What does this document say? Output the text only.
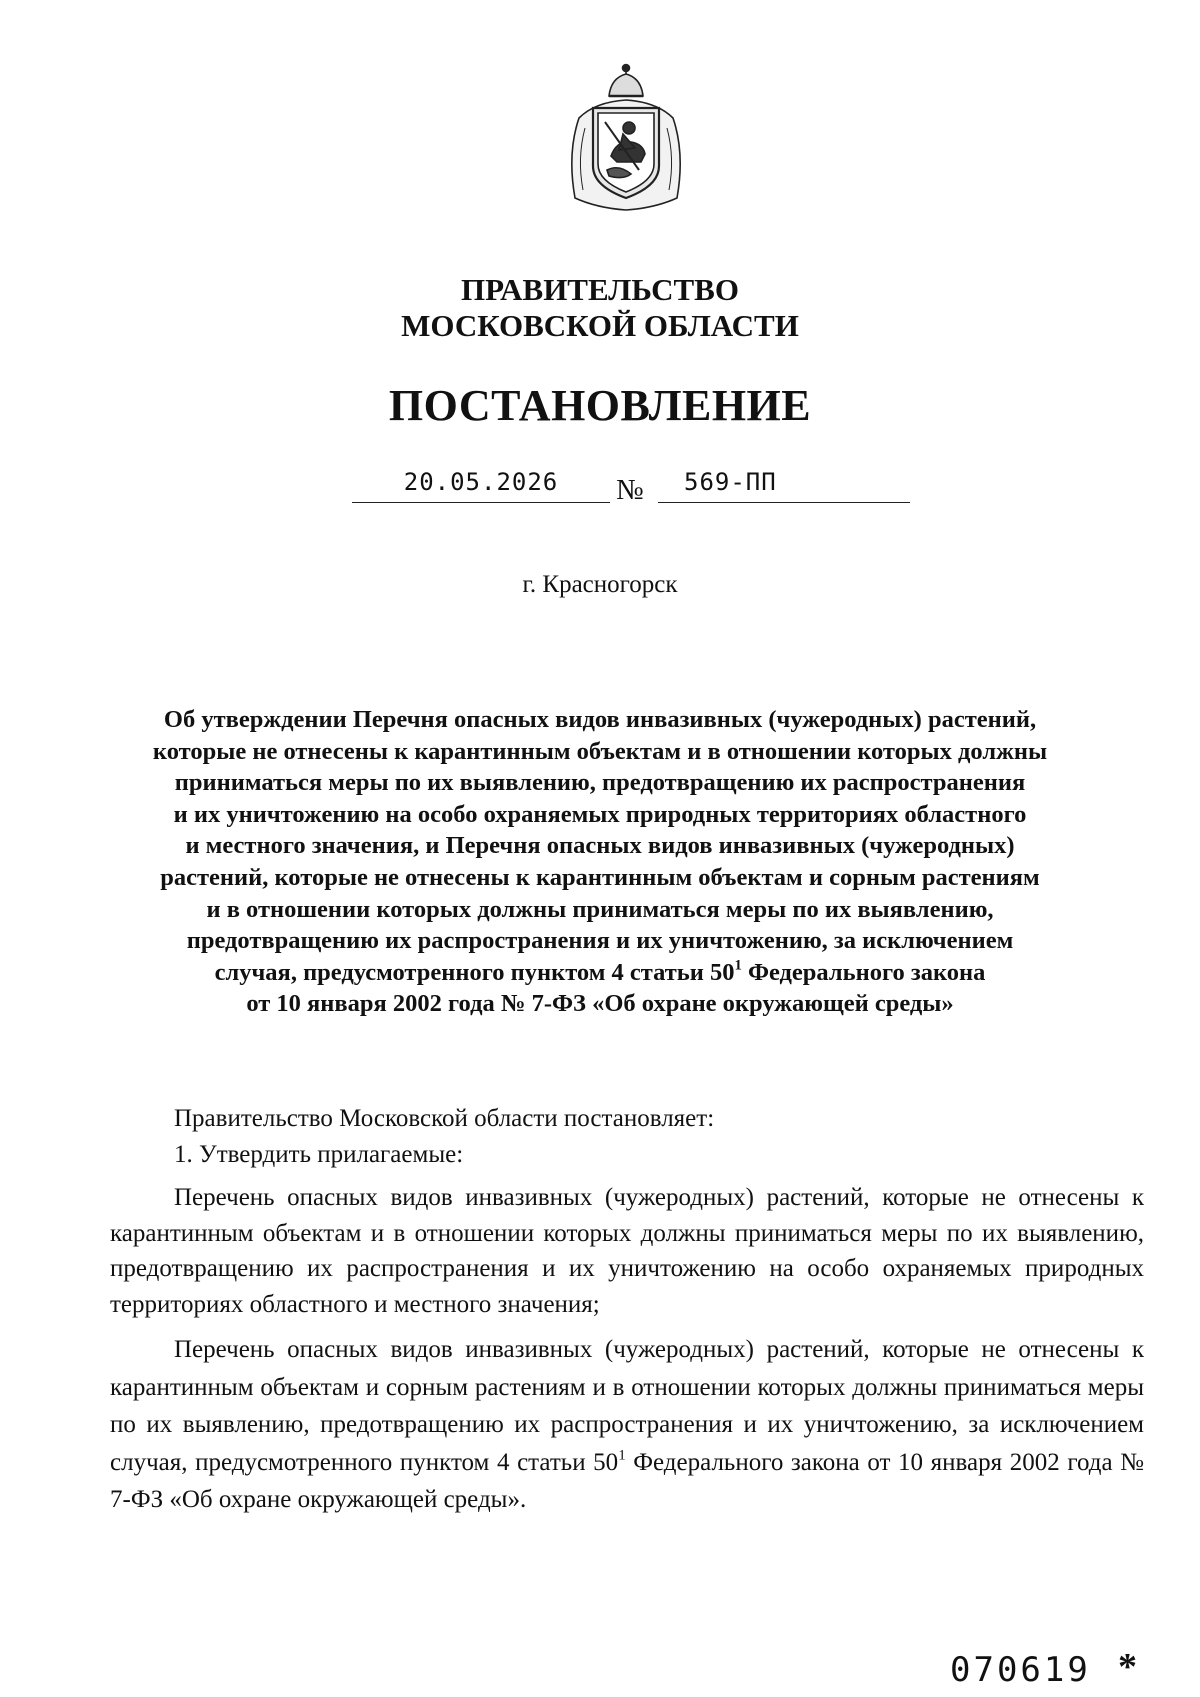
ПРАВИТЕЛЬСТВО
МОСКОВСКОЙ ОБЛАСТИ
ПОСТАНОВЛЕНИЕ
20.05.2026	№ 569-ПП
г. Красногорск
Об утверждении Перечня опасных видов инвазивных (чужеродных) растений,
которые не отнесены к карантинным объектам и в отношении которых должны
приниматься меры по их выявлению, предотвращению их распространения
и их уничтожению на особо охраняемых природных территориях областного
и местного значения, и Перечня опасных видов инвазивных (чужеродных)
растений, которые не отнесены к карантинным объектам и сорным растениям
и в отношении которых должны приниматься меры по их выявлению,
предотвращению их распространения и их уничтожению, за исключением
случая, предусмотренного пунктом 4 статьи $50^1$ Федерального закона
от 10 января 2002 года № 7-ФЗ «Об охране окружающей среды»

Правительство Московской области постановляет:

1. Утвердить прилагаемые:

Перечень опасных видов инвазивных (чужеродных) растений, которые не отнесены к карантинным объектам и в отношении которых должны приниматься меры по их выявлению, предотвращению их распространения и их уничтожению на особо охраняемых природных территориях областного и местного значения;

Перечень опасных видов инвазивных (чужеродных) растений, которые не отнесены к карантинным объектам и сорным растениям и в отношении которых должны приниматься меры по их выявлению, предотвращению их распространения и их уничтожению, за исключением случая, предусмотренного пунктом 4 статьи $50^1$ Федерального закона от 10 января 2002 года № 7-ФЗ «Об охране окружающей среды».

070619 *
